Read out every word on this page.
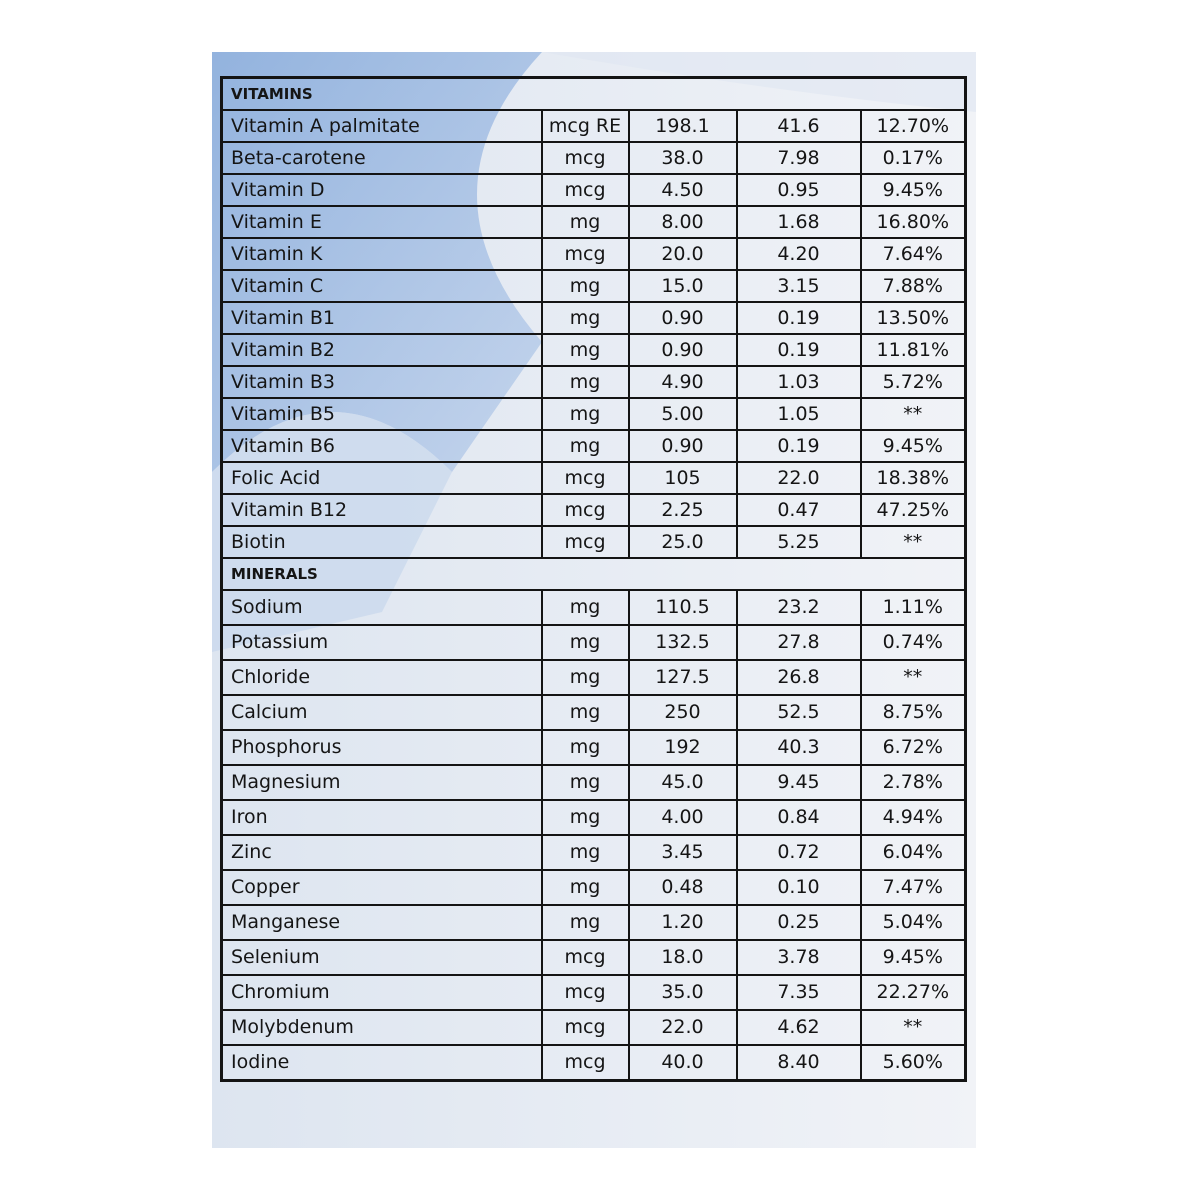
VITAMINS				
Vitamin A palmitate	mcg RE	198.1	41.6	12.70%
Beta-carotene	mcg	38.0	7.98	0.17%
Vitamin D	mcg	4.50	0.95	9.45%
Vitamin E	mg	8.00	1.68	16.80%
Vitamin K	mcg	20.0	4.20	7.64%
Vitamin C	mg	15.0	3.15	7.88%
Vitamin B1	mg	0.90	0.19	13.50%
Vitamin B2	mg	0.90	0.19	11.81%
Vitamin B3	mg	4.90	1.03	5.72%
Vitamin B5	mg	5.00	1.05	**
Vitamin B6	mg	0.90	0.19	9.45%
Folic Acid	mcg	105	22.0	18.38%
Vitamin B12	mcg	2.25	0.47	47.25%
Biotin	mcg	25.0	5.25	**
MINERALS				
Sodium	mg	110.5	23.2	1.11%
Potassium	mg	132.5	27.8	0.74%
Chloride	mg	127.5	26.8	**
Calcium	mg	250	52.5	8.75%
Phosphorus	mg	192	40.3	6.72%
Magnesium	mg	45.0	9.45	2.78%
Iron	mg	4.00	0.84	4.94%
Zinc	mg	3.45	0.72	6.04%
Copper	mg	0.48	0.10	7.47%
Manganese	mg	1.20	0.25	5.04%
Selenium	mcg	18.0	3.78	9.45%
Chromium	mcg	35.0	7.35	22.27%
Molybdenum	mcg	22.0	4.62	**
Iodine	mcg	40.0	8.40	5.60%
